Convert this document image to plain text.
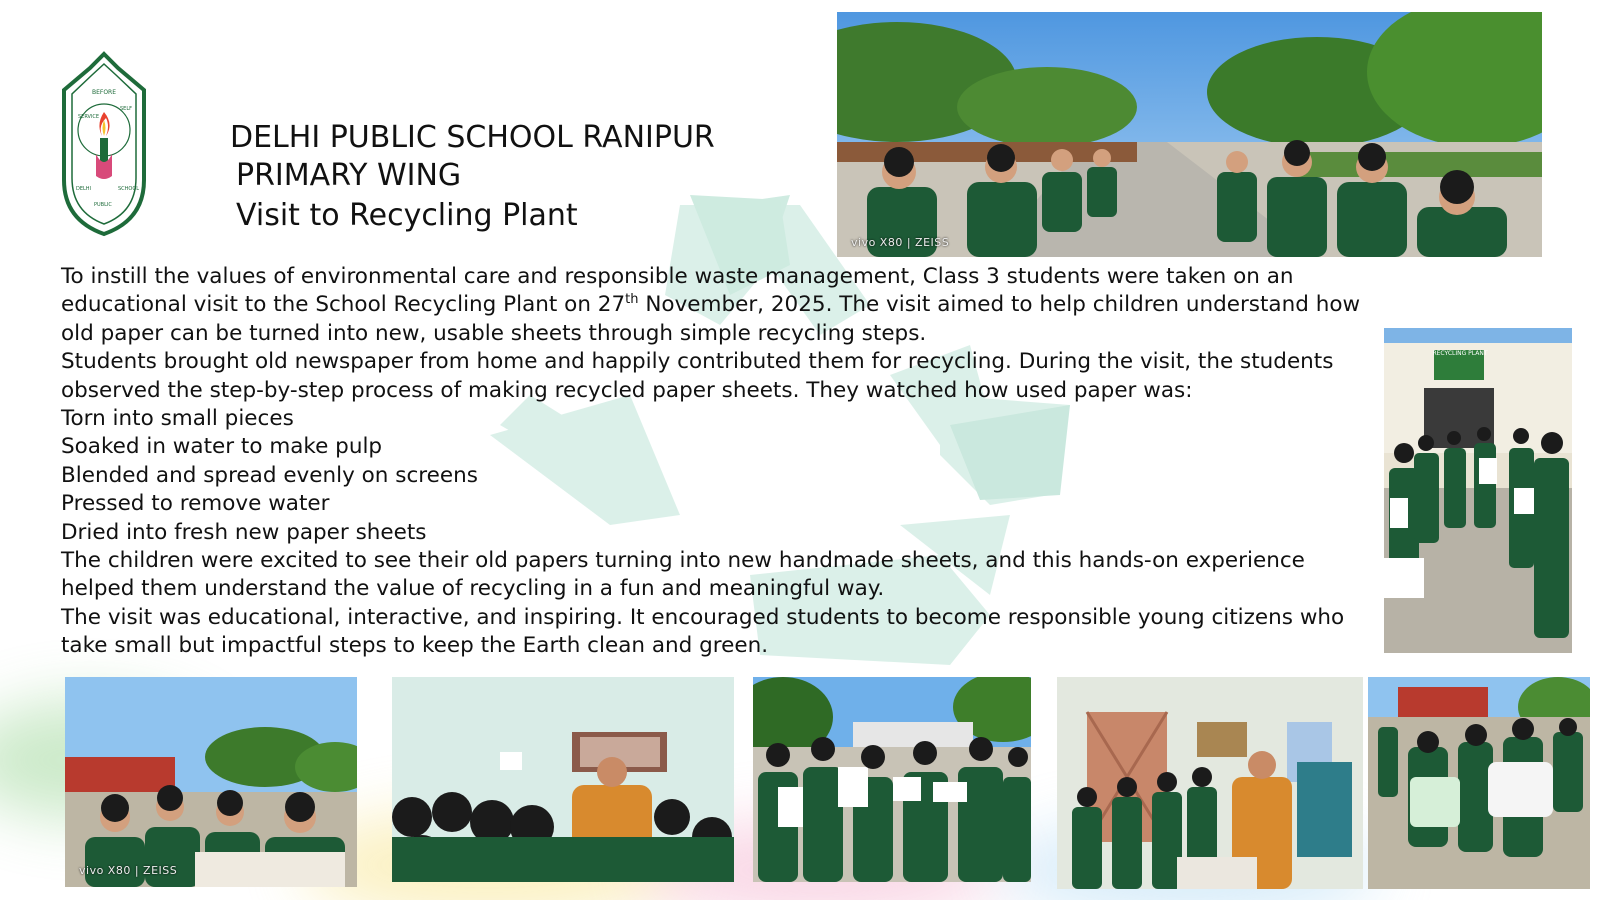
BEFORE
SERVICE
SELF
DELHI
PUBLIC
SCHOOL
DELHI PUBLIC SCHOOL RANIPUR
PRIMARY WING
Visit to Recycling Plant
vivo X80 | ZEISS
RECYCLING PLANT

To instill the values of environmental care and responsible waste management, Class 3 students were taken on an educational visit to the School Recycling Plant on 27th November, 2025. The visit aimed to help children understand how old paper can be turned into new, usable sheets through simple recycling steps.

Students brought old newspaper from home and happily contributed them for recycling. During the visit, the students observed the step-by-step process of making recycled paper sheets. They watched how used paper was:

Torn into small pieces

Soaked in water to make pulp

Blended and spread evenly on screens

Pressed to remove water

Dried into fresh new paper sheets

The children were excited to see their old papers turning into new handmade sheets, and this hands-on experience helped them understand the value of recycling in a fun and meaningful way.

The visit was educational, interactive, and inspiring. It encouraged students to become responsible young citizens who take small but impactful steps to keep the Earth clean and green.

vivo X80 | ZEISS
